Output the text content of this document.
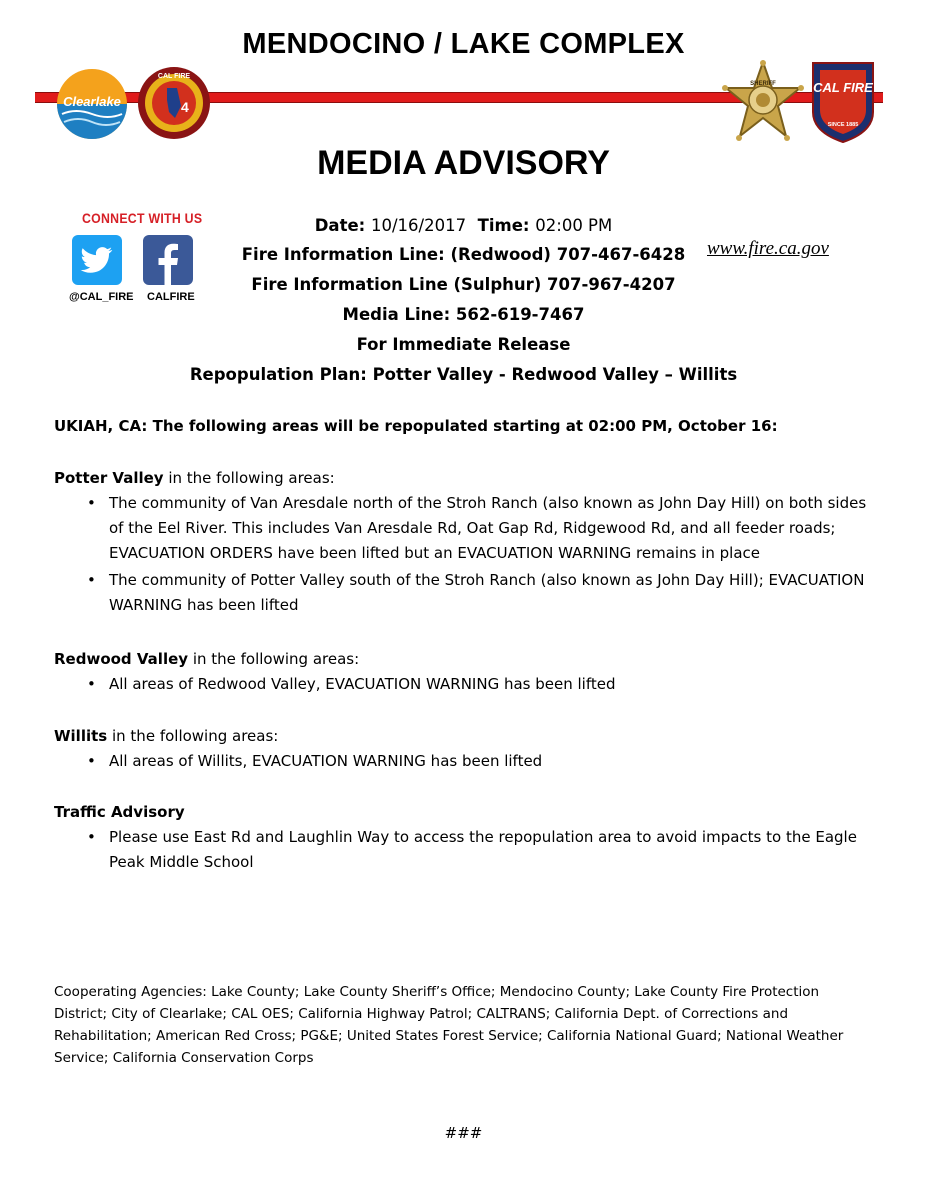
MENDOCINO / LAKE COMPLEX
Clearlake	4
CAL FIRE
SHERIFF	CAL FIRE
SINCE 1885
MEDIA ADVISORY
CONNECT WITH US
@CAL_FIRE CALFIRE
Date: 10/16/2017 Time: 02:00 PM
Fire Information Line: (Redwood) 707-467-6428
Fire Information Line (Sulphur) 707-967-4207
Media Line: 562-619-7467
For Immediate Release
Repopulation Plan: Potter Valley - Redwood Valley – Willits
www.fire.ca.gov
UKIAH, CA: The following areas will be repopulated starting at 02:00 PM, October 16:
Potter Valley in the following areas:
• The community of Van Aresdale north of the Stroh Ranch (also known as John Day Hill) on both sides of the Eel River. This includes Van Aresdale Rd, Oat Gap Rd, Ridgewood Rd, and all feeder roads; EVACUATION ORDERS have been lifted but an EVACUATION WARNING remains in place
• The community of Potter Valley south of the Stroh Ranch (also known as John Day Hill); EVACUATION WARNING has been lifted
Redwood Valley in the following areas:
• All areas of Redwood Valley, EVACUATION WARNING has been lifted
Willits in the following areas:
• All areas of Willits, EVACUATION WARNING has been lifted
Traffic Advisory
• Please use East Rd and Laughlin Way to access the repopulation area to avoid impacts to the Eagle Peak Middle School
Cooperating Agencies: Lake County; Lake County Sheriff’s Office; Mendocino County; Lake County Fire Protection District; City of Clearlake; CAL OES; California Highway Patrol; CALTRANS; California Dept. of Corrections and Rehabilitation; American Red Cross; PG&E; United States Forest Service; California National Guard; National Weather Service; California Conservation Corps
###
